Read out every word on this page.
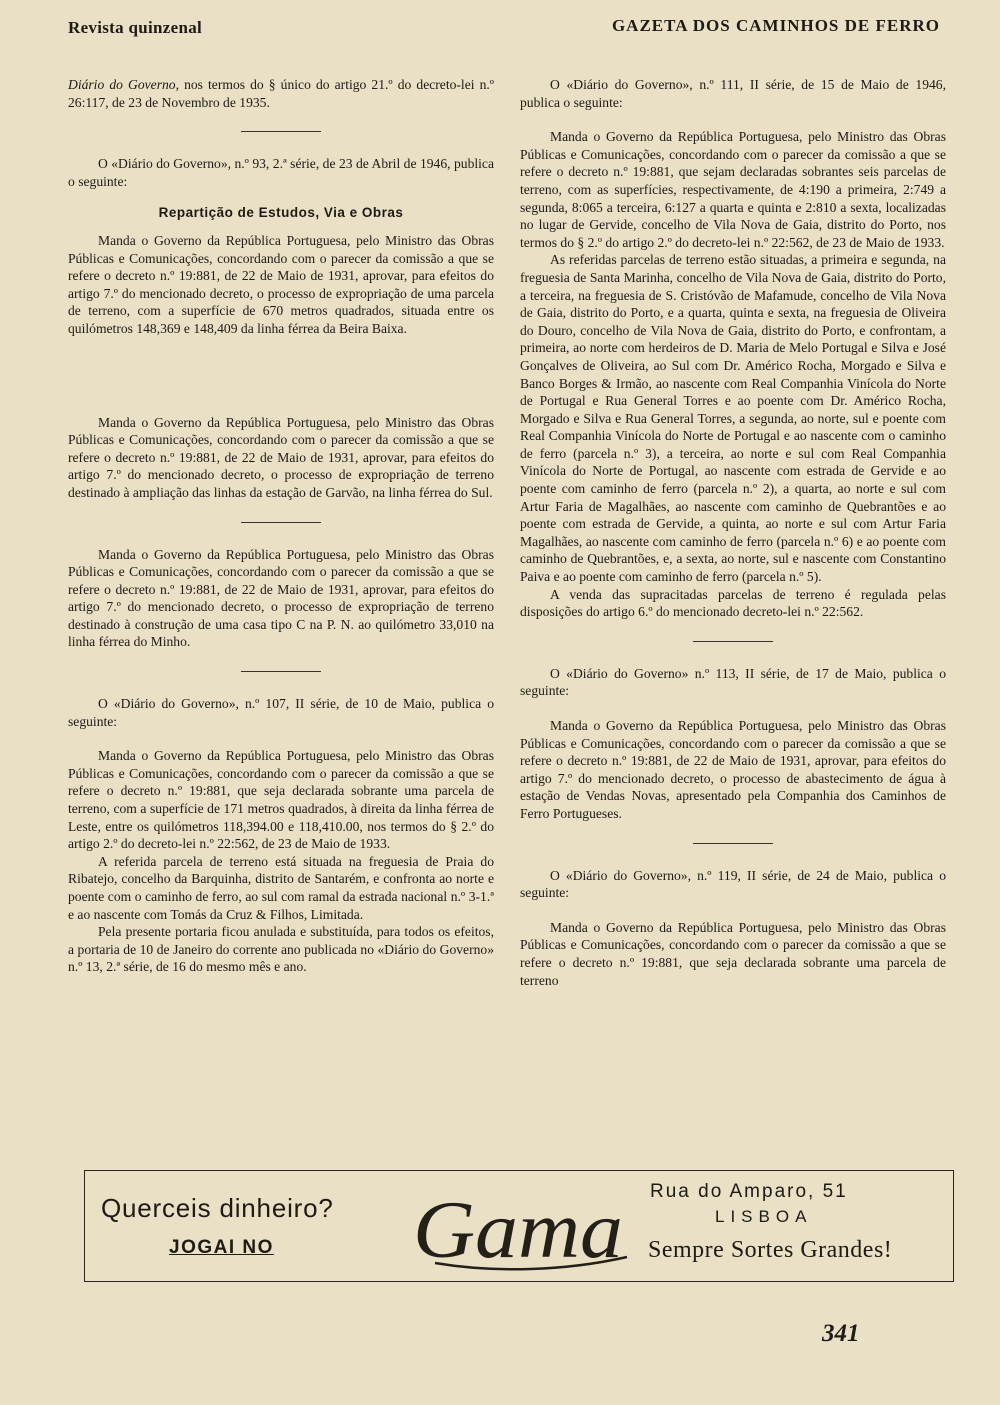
Revista quinzenal	GAZETA DOS CAMINHOS DE FERRO

Diário do Governo, nos termos do § único do artigo 21.º do decreto-lei n.º 26:117, de 23 de Novembro de 1935.

O «Diário do Governo», n.º 93, 2.ª série, de 23 de Abril de 1946, publica o seguinte:

Repartição de Estudos, Via e Obras

Manda o Governo da República Portuguesa, pelo Ministro das Obras Públicas e Comunicações, concordando com o parecer da comissão a que se refere o decreto n.º 19:881, de 22 de Maio de 1931, aprovar, para efeitos do artigo 7.º do mencionado decreto, o processo de expropriação de uma parcela de terreno, com a superfície de 670 metros quadrados, situada entre os quilómetros 148,369 e 148,409 da linha férrea da Beira Baixa.

Manda o Governo da República Portuguesa, pelo Ministro das Obras Públicas e Comunicações, concordando com o parecer da comissão a que se refere o decreto n.º 19:881, de 22 de Maio de 1931, aprovar, para efeitos do artigo 7.º do mencionado decreto, o processo de expropriação de terreno destinado à ampliação das linhas da estação de Garvão, na linha férrea do Sul.

Manda o Governo da República Portuguesa, pelo Ministro das Obras Públicas e Comunicações, concordando com o parecer da comissão a que se refere o decreto n.º 19:881, de 22 de Maio de 1931, aprovar, para efeitos do artigo 7.º do mencionado decreto, o processo de expropriação de terreno destinado à construção de uma casa tipo C na P. N. ao quilómetro 33,010 na linha férrea do Minho.

O «Diário do Governo», n.º 107, II série, de 10 de Maio, publica o seguinte:

Manda o Governo da República Portuguesa, pelo Ministro das Obras Públicas e Comunicações, concordando com o parecer da comissão a que se refere o decreto n.º 19:881, que seja declarada sobrante uma parcela de terreno, com a superfície de 171 metros quadrados, à direita da linha férrea de Leste, entre os quilómetros 118,394.00 e 118,410.00, nos termos do § 2.º do artigo 2.º do decreto-lei n.º 22:562, de 23 de Maio de 1933.

A referida parcela de terreno está situada na freguesia de Praia do Ribatejo, concelho da Barquinha, distrito de Santarém, e confronta ao norte e poente com o caminho de ferro, ao sul com ramal da estrada nacional n.º 3-1.ª e ao nascente com Tomás da Cruz & Filhos, Limitada.

Pela presente portaria ficou anulada e substituída, para todos os efeitos, a portaria de 10 de Janeiro do corrente ano publicada no «Diário do Governo» n.º 13, 2.ª série, de 16 do mesmo mês e ano.

O «Diário do Governo», n.º 111, II série, de 15 de Maio de 1946, publica o seguinte:

Manda o Governo da República Portuguesa, pelo Ministro das Obras Públicas e Comunicações, concordando com o parecer da comissão a que se refere o decreto n.º 19:881, que sejam declaradas sobrantes seis parcelas de terreno, com as superfícies, respectivamente, de 4:190 a primeira, 2:749 a segunda, 8:065 a terceira, 6:127 a quarta e quinta e 2:810 a sexta, localizadas no lugar de Gervide, concelho de Vila Nova de Gaia, distrito do Porto, nos termos do § 2.º do artigo 2.º do decreto-lei n.º 22:562, de 23 de Maio de 1933.

As referidas parcelas de terreno estão situadas, a primeira e segunda, na freguesia de Santa Marinha, concelho de Vila Nova de Gaia, distrito do Porto, a terceira, na freguesia de S. Cristóvão de Mafamude, concelho de Vila Nova de Gaia, distrito do Porto, e a quarta, quinta e sexta, na freguesia de Oliveira do Douro, concelho de Vila Nova de Gaia, distrito do Porto, e confrontam, a primeira, ao norte com herdeiros de D. Maria de Melo Portugal e Silva e José Gonçalves de Oliveira, ao Sul com Dr. Américo Rocha, Morgado e Silva e Banco Borges & Irmão, ao nascente com Real Companhia Vinícola do Norte de Portugal e Rua General Torres e ao poente com Dr. Américo Rocha, Morgado e Silva e Rua General Torres, a segunda, ao norte, sul e poente com Real Companhia Vinícola do Norte de Portugal e ao nascente com o caminho de ferro (parcela n.º 3), a terceira, ao norte e sul com Real Companhia Vinícola do Norte de Portugal, ao nascente com estrada de Gervide e ao poente com caminho de ferro (parcela n.º 2), a quarta, ao norte e sul com Artur Faria de Magalhães, ao nascente com caminho de Quebrantões e ao poente com estrada de Gervide, a quinta, ao norte e sul com Artur Faria Magalhães, ao nascente com caminho de ferro (parcela n.º 6) e ao poente com caminho de Quebrantões, e, a sexta, ao norte, sul e nascente com Constantino Paiva e ao poente com caminho de ferro (parcela n.º 5).

A venda das supracitadas parcelas de terreno é regulada pelas disposições do artigo 6.º do mencionado decreto-lei n.º 22:562.

O «Diário do Governo» n.º 113, II série, de 17 de Maio, publica o seguinte:

Manda o Governo da República Portuguesa, pelo Ministro das Obras Públicas e Comunicações, concordando com o parecer da comissão a que se refere o decreto n.º 19:881, de 22 de Maio de 1931, aprovar, para efeitos do artigo 7.º do mencionado decreto, o processo de abastecimento de água à estação de Vendas Novas, apresentado pela Companhia dos Caminhos de Ferro Portugueses.

O «Diário do Governo», n.º 119, II série, de 24 de Maio, publica o seguinte:

Manda o Governo da República Portuguesa, pelo Ministro das Obras Públicas e Comunicações, concordando com o parecer da comissão a que se refere o decreto n.º 19:881, que seja declarada sobrante uma parcela de terreno

Querceis dinheiro?
JOGAI NO Gama Rua do Amparo, 51
LISBOA
Sempre Sortes Grandes!
341
